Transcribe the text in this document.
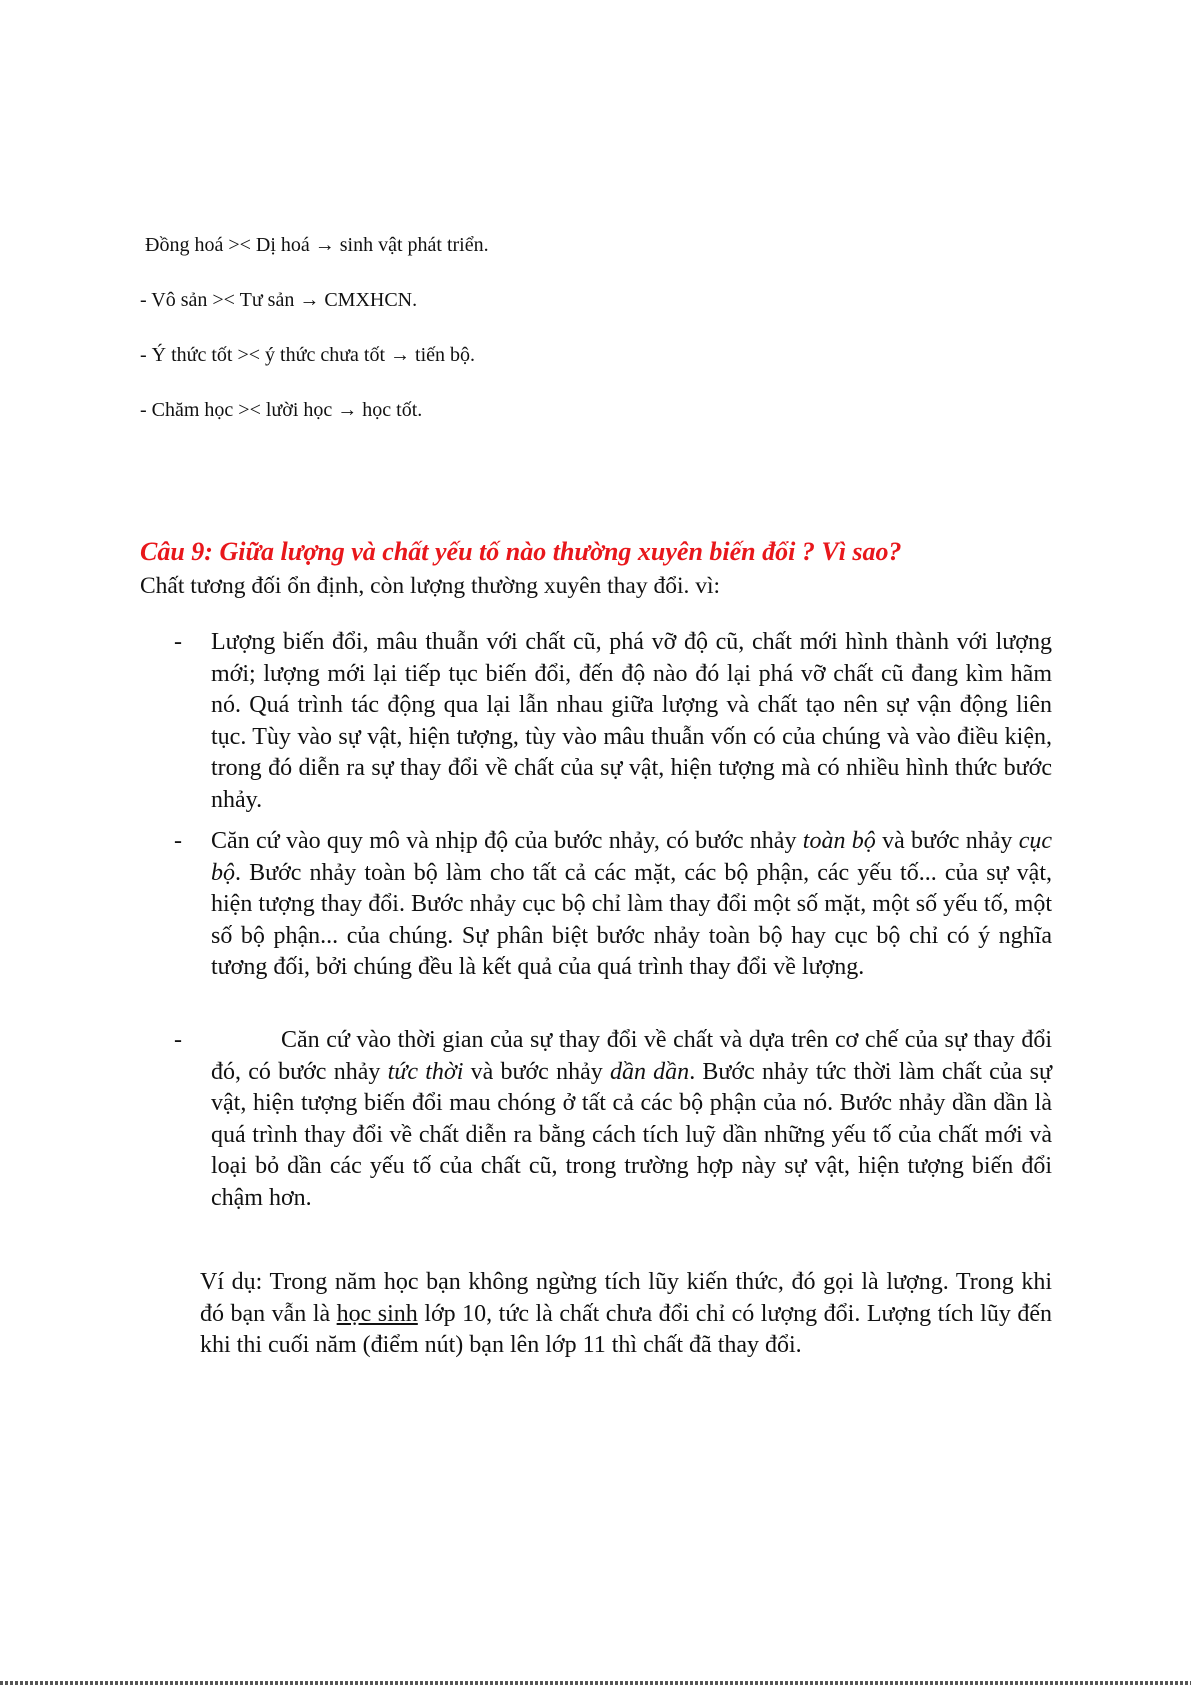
Đồng hoá >< Dị hoá → sinh vật phát triển.
- Vô sản >< Tư sản → CMXHCN.
- Ý thức tốt >< ý thức chưa tốt → tiến bộ.
- Chăm học >< lười học → học tốt.
Câu 9: Giữa lượng và chất yếu tố nào thường xuyên biến đổi ? Vì sao?
Chất tương đối ổn định, còn lượng thường xuyên thay đổi. vì:
- Lượng biến đổi, mâu thuẫn với chất cũ, phá vỡ độ cũ, chất mới hình thành với lượng mới; lượng mới lại tiếp tục biến đổi, đến độ nào đó lại phá vỡ chất cũ đang kìm hãm nó. Quá trình tác động qua lại lẫn nhau giữa lượng và chất tạo nên sự vận động liên tục. Tùy vào sự vật, hiện tượng, tùy vào mâu thuẫn vốn có của chúng và vào điều kiện, trong đó diễn ra sự thay đổi về chất của sự vật, hiện tượng mà có nhiều hình thức bước nhảy.
- Căn cứ vào quy mô và nhịp độ của bước nhảy, có bước nhảy toàn bộ và bước nhảy cục bộ. Bước nhảy toàn bộ làm cho tất cả các mặt, các bộ phận, các yếu tố... của sự vật, hiện tượng thay đổi. Bước nhảy cục bộ chỉ làm thay đổi một số mặt, một số yếu tố, một số bộ phận... của chúng. Sự phân biệt bước nhảy toàn bộ hay cục bộ chỉ có ý nghĩa tương đối, bởi chúng đều là kết quả của quá trình thay đổi về lượng.
-	Căn cứ vào thời gian của sự thay đổi về chất và dựa trên cơ chế của sự thay đổi đó, có bước nhảy tức thời và bước nhảy dần dần. Bước nhảy tức thời làm chất của sự vật, hiện tượng biến đổi mau chóng ở tất cả các bộ phận của nó. Bước nhảy dần dần là quá trình thay đổi về chất diễn ra bằng cách tích luỹ dần những yếu tố của chất mới và loại bỏ dần các yếu tố của chất cũ, trong trường hợp này sự vật, hiện tượng biến đổi chậm hơn.
Ví dụ: Trong năm học bạn không ngừng tích lũy kiến thức, đó gọi là lượng. Trong khi đó bạn vẫn là học sinh lớp 10, tức là chất chưa đổi chỉ có lượng đổi. Lượng tích lũy đến khi thi cuối năm (điểm nút) bạn lên lớp 11 thì chất đã thay đổi.
